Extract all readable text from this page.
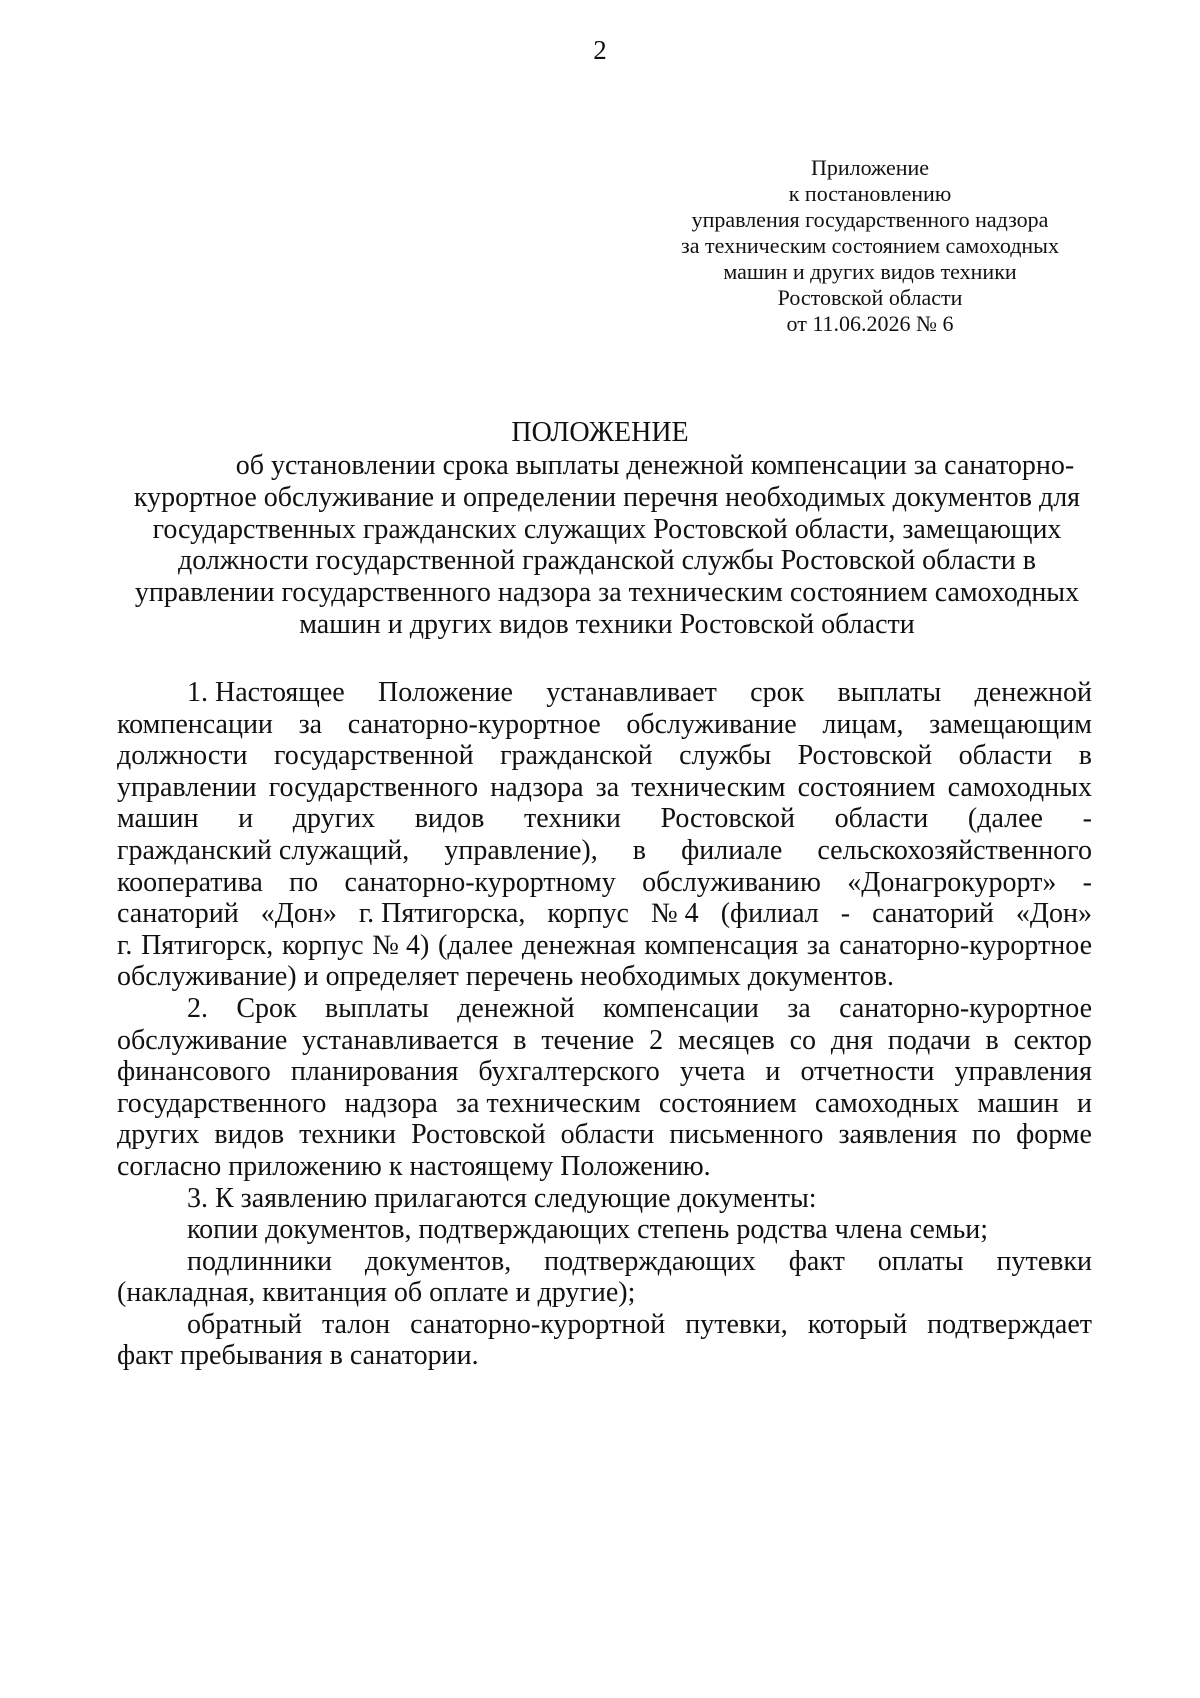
2
Приложение
к постановлению
управления государственного надзора
за техническим состоянием самоходных
машин и других видов техники
Ростовской области
от 11.06.2026 № 6
ПОЛОЖЕНИЕ
об установлении срока выплаты денежной компенсации за санаторно-
курортное обслуживание и определении перечня необходимых документов для
государственных гражданских служащих Ростовской области, замещающих
должности государственной гражданской службы Ростовской области в
управлении государственного надзора за техническим состоянием самоходных
машин и других видов техники Ростовской области
1. Настоящее Положение устанавливает срок выплаты денежной
компенсации за санаторно-курортное обслуживание лицам, замещающим
должности государственной гражданской службы Ростовской области в
управлении государственного надзора за техническим состоянием самоходных
машин и других видов техники Ростовской области (далее -
гражданский служащий, управление), в филиале сельскохозяйственного
кооператива по санаторно-курортному обслуживанию «Донагрокурорт» -
санаторий «Дон» г. Пятигорска, корпус № 4 (филиал - санаторий «Дон»
г. Пятигорск, корпус № 4) (далее денежная компенсация за санаторно-курортное
обслуживание) и определяет перечень необходимых документов.
2. Срок выплаты денежной компенсации за санаторно-курортное
обслуживание устанавливается в течение 2 месяцев со дня подачи в сектор
финансового планирования бухгалтерского учета и отчетности управления
государственного надзора за техническим состоянием самоходных машин и
других видов техники Ростовской области письменного заявления по форме
согласно приложению к настоящему Положению.
3. К заявлению прилагаются следующие документы:
копии документов, подтверждающих степень родства члена семьи;
подлинники документов, подтверждающих факт оплаты путевки
(накладная, квитанция об оплате и другие);
обратный талон санаторно-курортной путевки, который подтверждает
факт пребывания в санатории.
